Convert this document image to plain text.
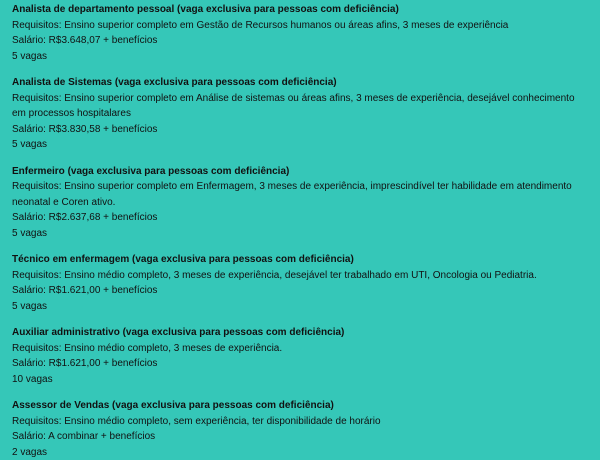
Analista de departamento pessoal (vaga exclusiva para pessoas com deficiência)
Requisitos: Ensino superior completo em Gestão de Recursos humanos ou áreas afins, 3 meses de experiência
Salário: R$3.648,07 + benefícios
5 vagas
Analista de Sistemas (vaga exclusiva para pessoas com deficiência)
Requisitos: Ensino superior completo em Análise de sistemas ou áreas afins, 3 meses de experiência, desejável conhecimento em processos hospitalares
Salário: R$3.830,58 + benefícios
5 vagas
Enfermeiro (vaga exclusiva para pessoas com deficiência)
Requisitos: Ensino superior completo em Enfermagem, 3 meses de experiência, imprescindível ter habilidade em atendimento neonatal e Coren ativo.
Salário: R$2.637,68 + benefícios
5 vagas
Técnico em enfermagem (vaga exclusiva para pessoas com deficiência)
Requisitos: Ensino médio completo, 3 meses de experiência, desejável ter trabalhado em UTI, Oncologia ou Pediatria.
Salário: R$1.621,00 + benefícios
5 vagas
Auxiliar administrativo (vaga exclusiva para pessoas com deficiência)
Requisitos: Ensino médio completo, 3 meses de experiência.
Salário: R$1.621,00 + benefícios
10 vagas
Assessor de Vendas (vaga exclusiva para pessoas com deficiência)
Requisitos: Ensino médio completo, sem experiência, ter disponibilidade de horário
Salário: A combinar + benefícios
2 vagas
